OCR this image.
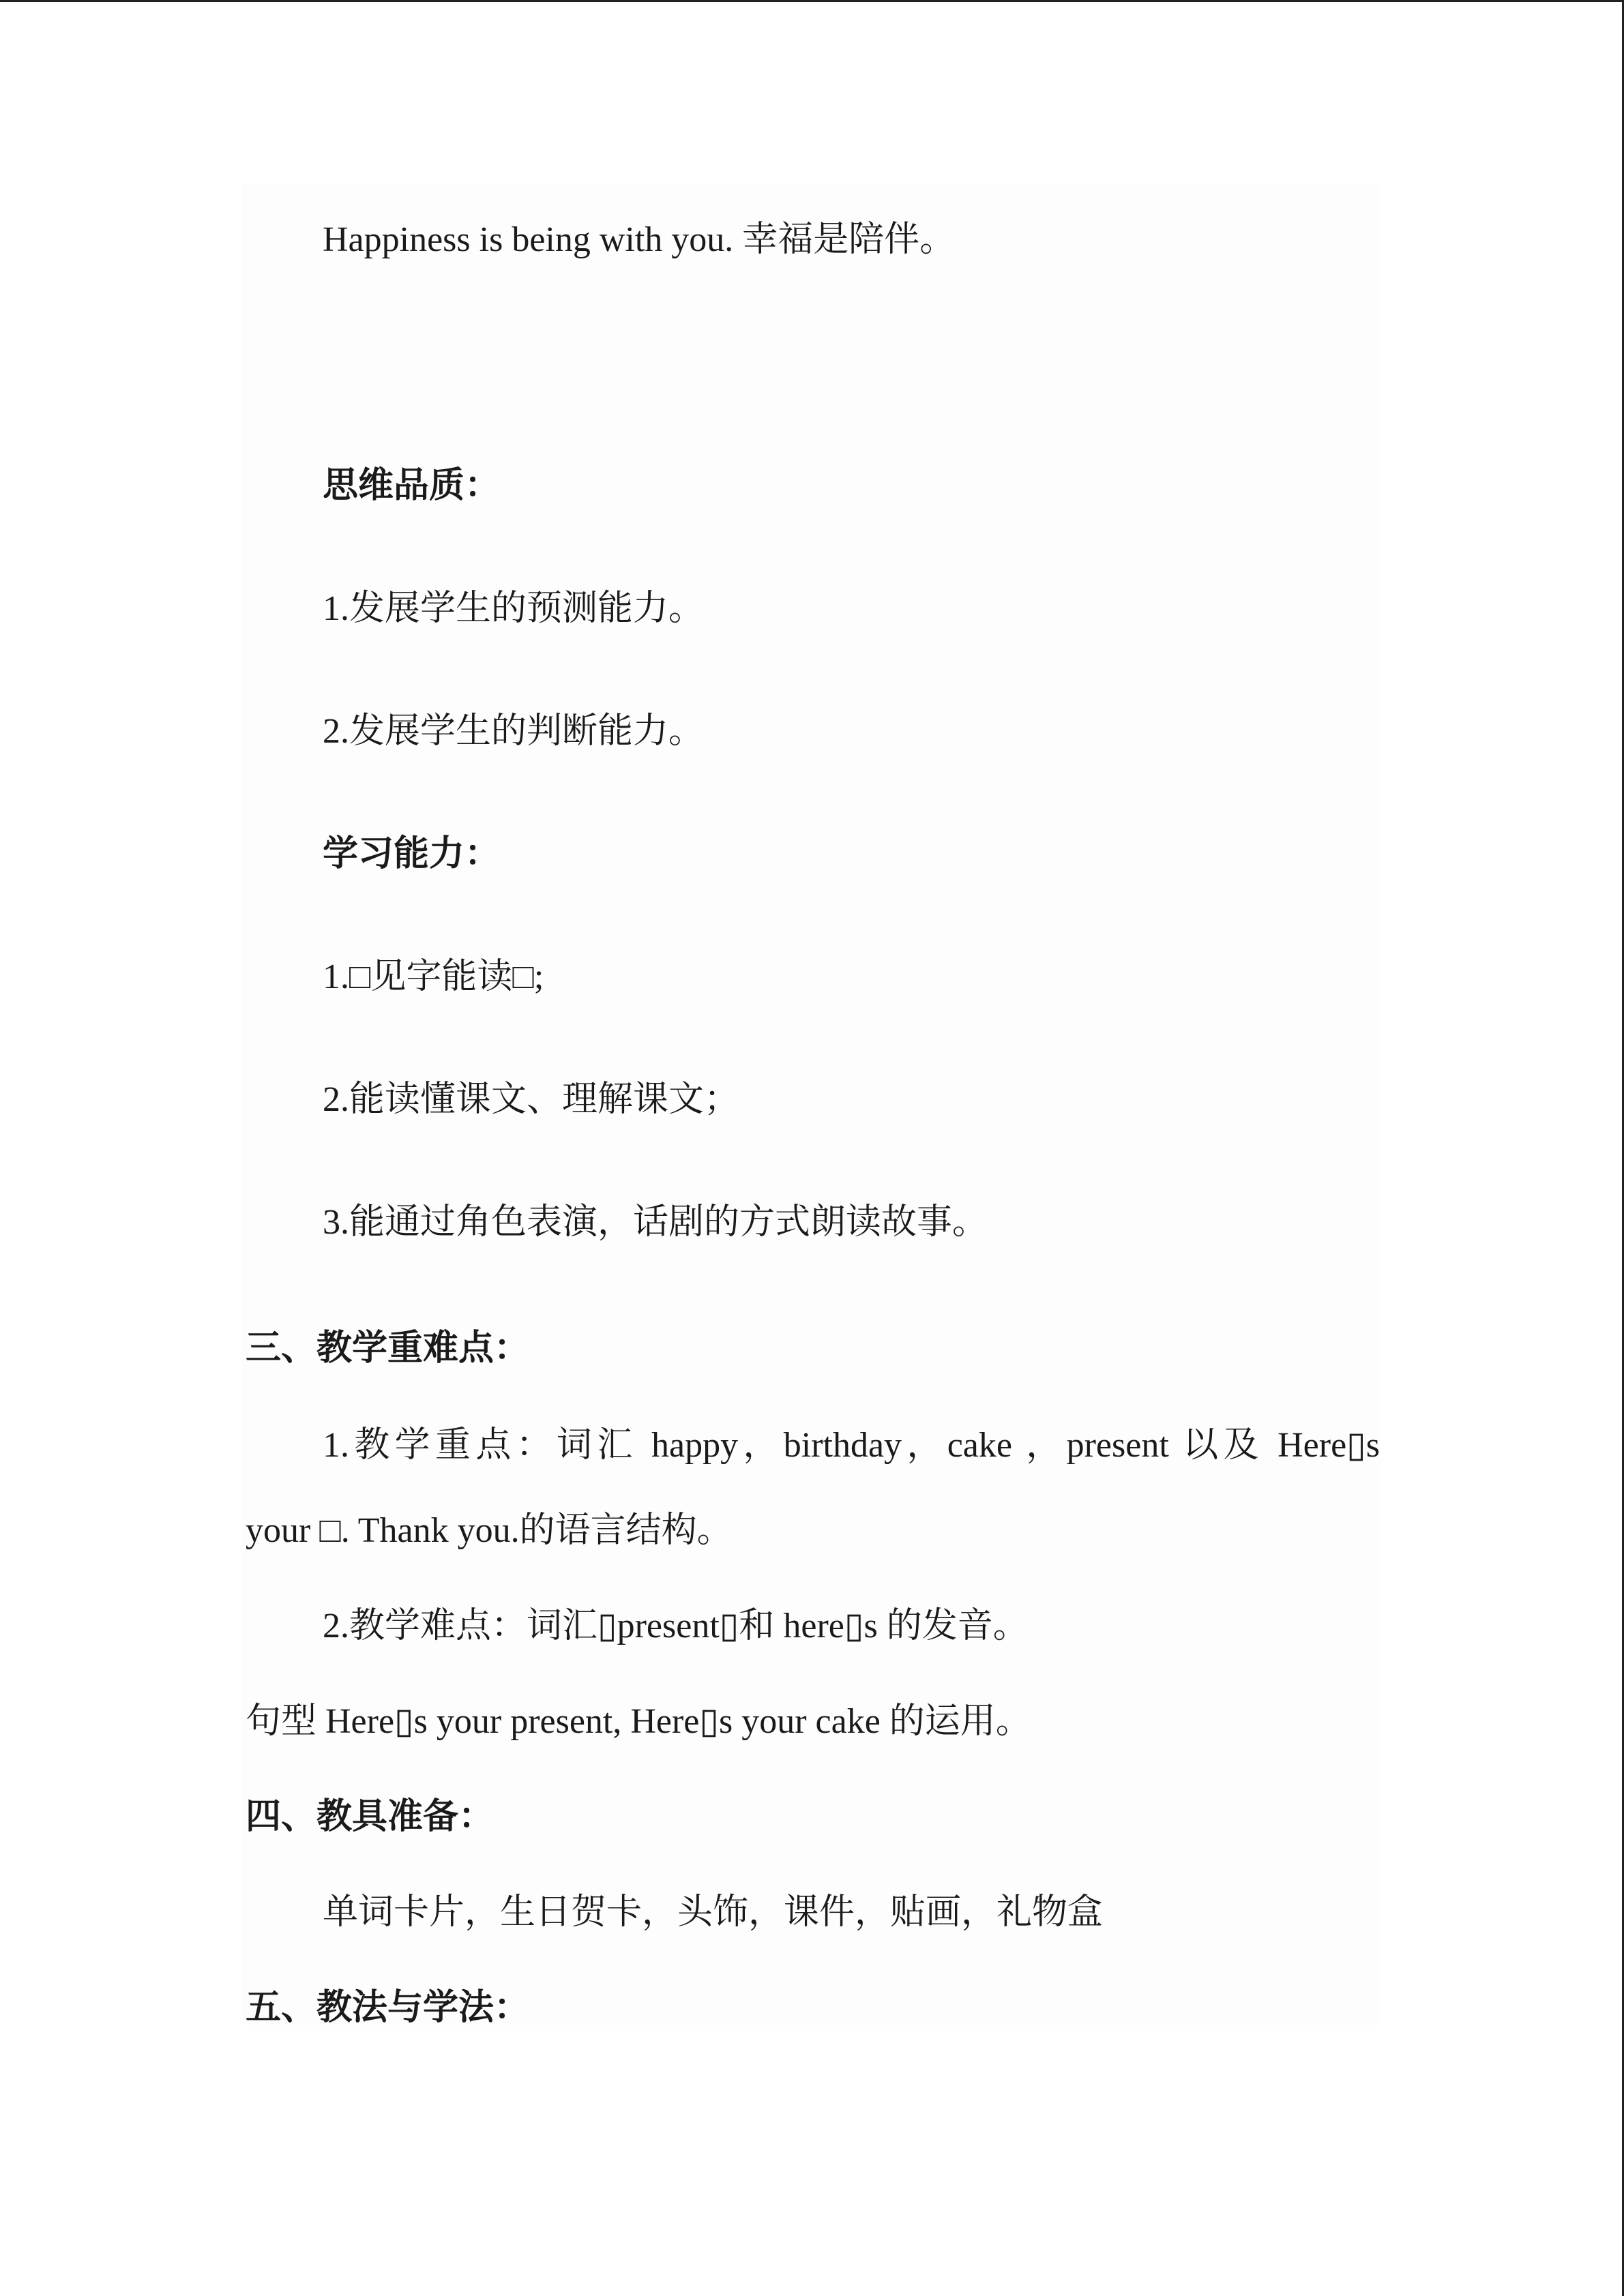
Happiness is being with you. 幸福是陪伴。
思维品质：
1.发展学生的预测能力。
2.发展学生的判断能力。
学习能力：
1.□见字能读□;
2.能读懂课文、理解课文；
3.能通过角色表演，话剧的方式朗读故事。
三、教学重难点：
1.教学重点：词汇 happy，birthday，cake ，present 以及 Here▯s
your □. Thank you.的语言结构。
2.教学难点：词汇▯present▯和 here▯s 的发音。
句型 Here▯s your present, Here▯s your cake 的运用。
四、教具准备：
单词卡片，生日贺卡，头饰，课件，贴画，礼物盒
五、教法与学法：
